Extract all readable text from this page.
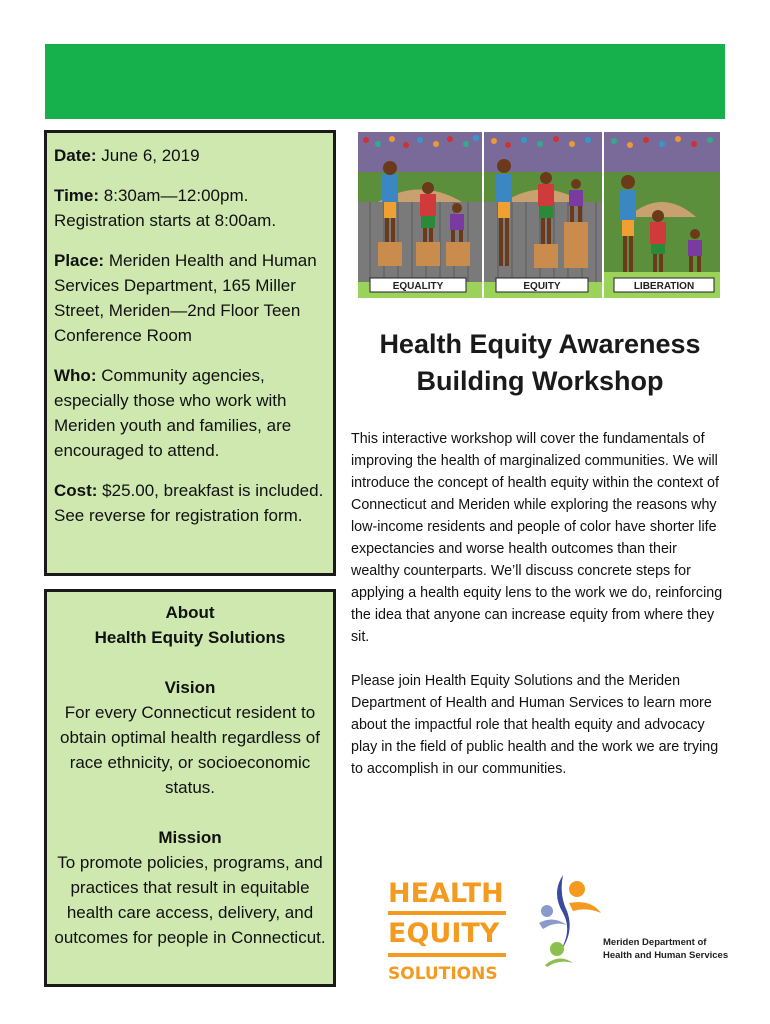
Date: June 6, 2019

Time: 8:30am—12:00pm. Registration starts at 8:00am.

Place: Meriden Health and Human Services Department, 165 Miller Street, Meriden—2nd Floor Teen Conference Room

Who: Community agencies, especially those who work with Meriden youth and families, are encouraged to attend.

Cost: $25.00, breakfast is included. See reverse for registration form.

About

Health Equity Solutions

Vision

For every Connecticut resident to obtain optimal health regardless of race ethnicity, or socioeconomic status.

Mission

To promote policies, programs, and practices that result in equitable health care access, delivery, and outcomes for people in Connecticut.

EQUALITY	EQUITY	LIBERATION
Health Equity Awareness Building Workshop

This interactive workshop will cover the fundamentals of improving the health of marginalized communities. We will introduce the concept of health equity within the context of Connecticut and Meriden while exploring the reasons why low-income residents and people of color have shorter life expectancies and worse health outcomes than their wealthy counterparts. We’ll discuss concrete steps for applying a health equity lens to the work we do, reinforcing the idea that anyone can increase equity from where they sit.

Please join Health Equity Solutions and the Meriden Department of Health and Human Services to learn more about the impactful role that health equity and advocacy play in the field of public health and the work we are trying to accomplish in our communities.

HEALTH
EQUITY
SOLUTIONS
Meriden Department of
Health and Human Services
